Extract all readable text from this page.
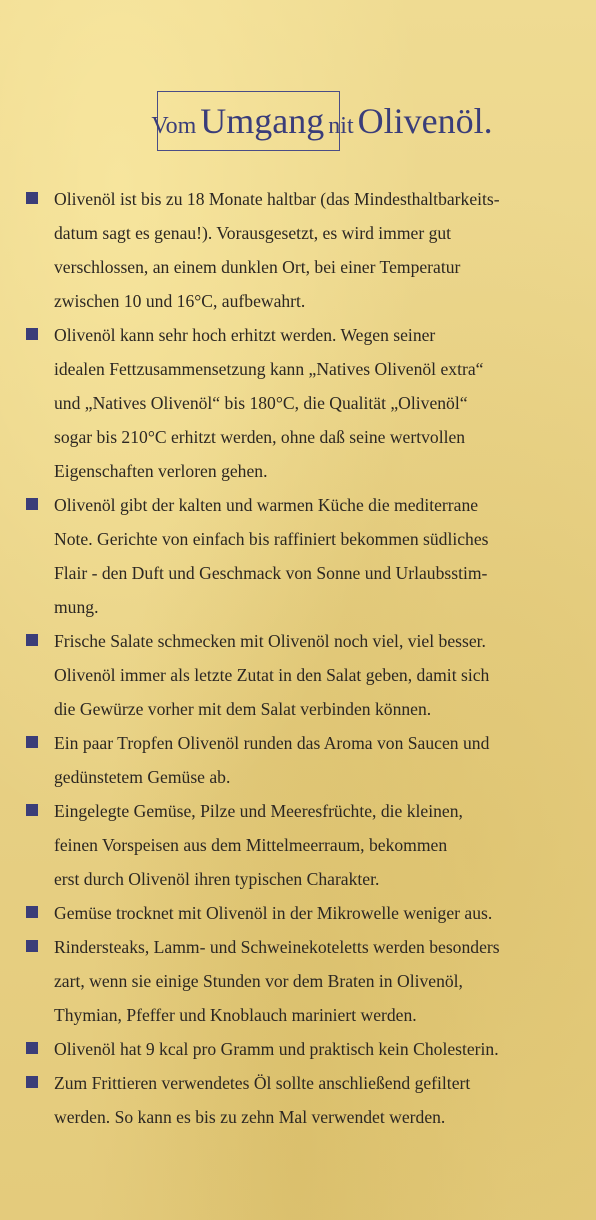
Vom Umgang nit Olivenöl.
Olivenöl ist bis zu 18 Monate haltbar (das Mindesthaltbarkeits-
datum sagt es genau!). Vorausgesetzt, es wird immer gut
verschlossen, an einem dunklen Ort, bei einer Temperatur
zwischen 10 und 16°C, aufbewahrt.
Olivenöl kann sehr hoch erhitzt werden. Wegen seiner
idealen Fettzusammensetzung kann „Natives Olivenöl extra“
und „Natives Olivenöl“ bis 180°C, die Qualität „Olivenöl“
sogar bis 210°C erhitzt werden, ohne daß seine wertvollen
Eigenschaften verloren gehen.
Olivenöl gibt der kalten und warmen Küche die mediterrane
Note. Gerichte von einfach bis raffiniert bekommen südliches
Flair - den Duft und Geschmack von Sonne und Urlaubsstim-
mung.
Frische Salate schmecken mit Olivenöl noch viel, viel besser.
Olivenöl immer als letzte Zutat in den Salat geben, damit sich
die Gewürze vorher mit dem Salat verbinden können.
Ein paar Tropfen Olivenöl runden das Aroma von Saucen und
gedünstetem Gemüse ab.
Eingelegte Gemüse, Pilze und Meeresfrüchte, die kleinen,
feinen Vorspeisen aus dem Mittelmeerraum, bekommen
erst durch Olivenöl ihren typischen Charakter.
Gemüse trocknet mit Olivenöl in der Mikrowelle weniger aus.
Rindersteaks, Lamm- und Schweinekoteletts werden besonders
zart, wenn sie einige Stunden vor dem Braten in Olivenöl,
Thymian, Pfeffer und Knoblauch mariniert werden.
Olivenöl hat 9 kcal pro Gramm und praktisch kein Cholesterin.
Zum Frittieren verwendetes Öl sollte anschließend gefiltert
werden. So kann es bis zu zehn Mal verwendet werden.
